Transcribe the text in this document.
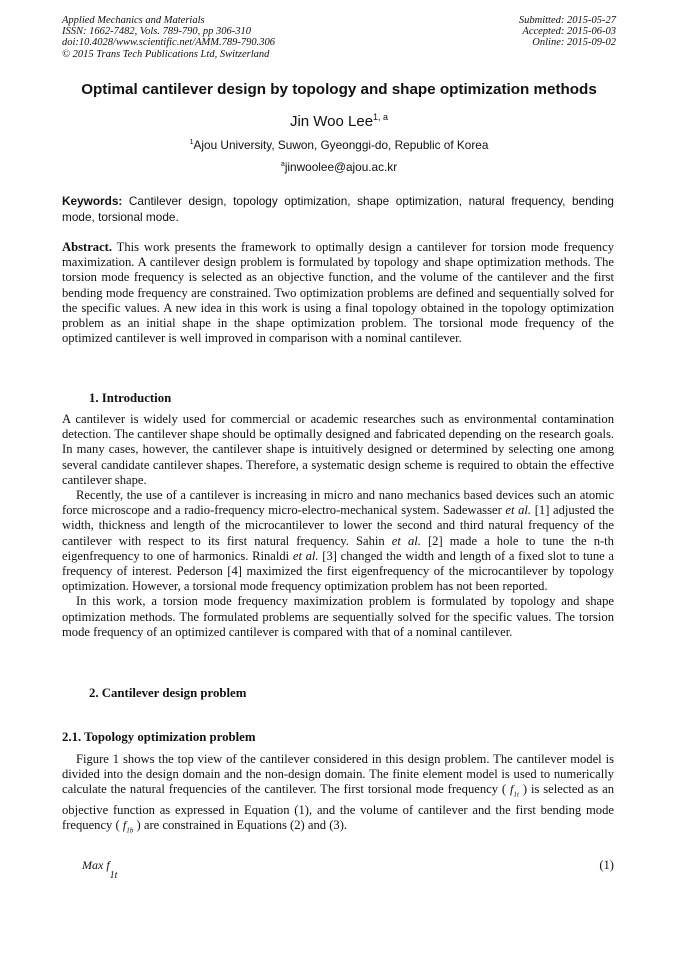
Applied Mechanics and Materials
ISSN: 1662-7482, Vols. 789-790, pp 306-310
doi:10.4028/www.scientific.net/AMM.789-790.306
© 2015 Trans Tech Publications Ltd, Switzerland
Submitted: 2015-05-27
Accepted: 2015-06-03
Online: 2015-09-02
Optimal cantilever design by topology and shape optimization methods
Jin Woo Lee$^{1, a}$
$^1$Ajou University, Suwon, Gyeonggi-do, Republic of Korea
$^a$jinwoolee@ajou.ac.kr
Keywords: Cantilever design, topology optimization, shape optimization, natural frequency, bending mode, torsional mode.
Abstract. This work presents the framework to optimally design a cantilever for torsion mode frequency maximization. A cantilever design problem is formulated by topology and shape optimization methods. The torsion mode frequency is selected as an objective function, and the volume of the cantilever and the first bending mode frequency are constrained. Two optimization problems are defined and sequentially solved for the specific values. A new idea in this work is using a final topology obtained in the topology optimization problem as an initial shape in the shape optimization problem. The torsional mode frequency of the optimized cantilever is well improved in comparison with a nominal cantilever.
1. Introduction

A cantilever is widely used for commercial or academic researches such as environmental contamination detection. The cantilever shape should be optimally designed and fabricated depending on the research goals. In many cases, however, the cantilever shape is intuitively designed or determined by selecting one among several candidate cantilever shapes. Therefore, a systematic design scheme is required to obtain the effective cantilever shape.

Recently, the use of a cantilever is increasing in micro and nano mechanics based devices such an atomic force microscope and a radio-frequency micro-electro-mechanical system. Sadewasser et al. [1] adjusted the width, thickness and length of the microcantilever to lower the second and third natural frequency of the cantilever with respect to its first natural frequency. Sahin et al. [2] made a hole to tune the n-th eigenfrequency to one of harmonics. Rinaldi et al. [3] changed the width and length of a fixed slot to tune a frequency of interest. Pederson [4] maximized the first eigenfrequency of the microcantilever by topology optimization. However, a torsional mode frequency optimization problem has not been reported.

In this work, a torsion mode frequency maximization problem is formulated by topology and shape optimization methods. The formulated problems are sequentially solved for the specific values. The torsion mode frequency of an optimized cantilever is compared with that of a nominal cantilever.

2. Cantilever design problem
2.1. Topology optimization problem

Figure 1 shows the top view of the cantilever considered in this design problem. The cantilever model is divided into the design domain and the non-design domain. The finite element model is used to numerically calculate the natural frequencies of the cantilever. The first torsional mode frequency ( $f_{1t}$ ) is selected as an objective function as expressed in Equation (1), and the volume of cantilever and the first bending mode frequency ( $f_{1b}$ ) are constrained in Equations (2) and (3).

Max $f_{1t}$
(1)
